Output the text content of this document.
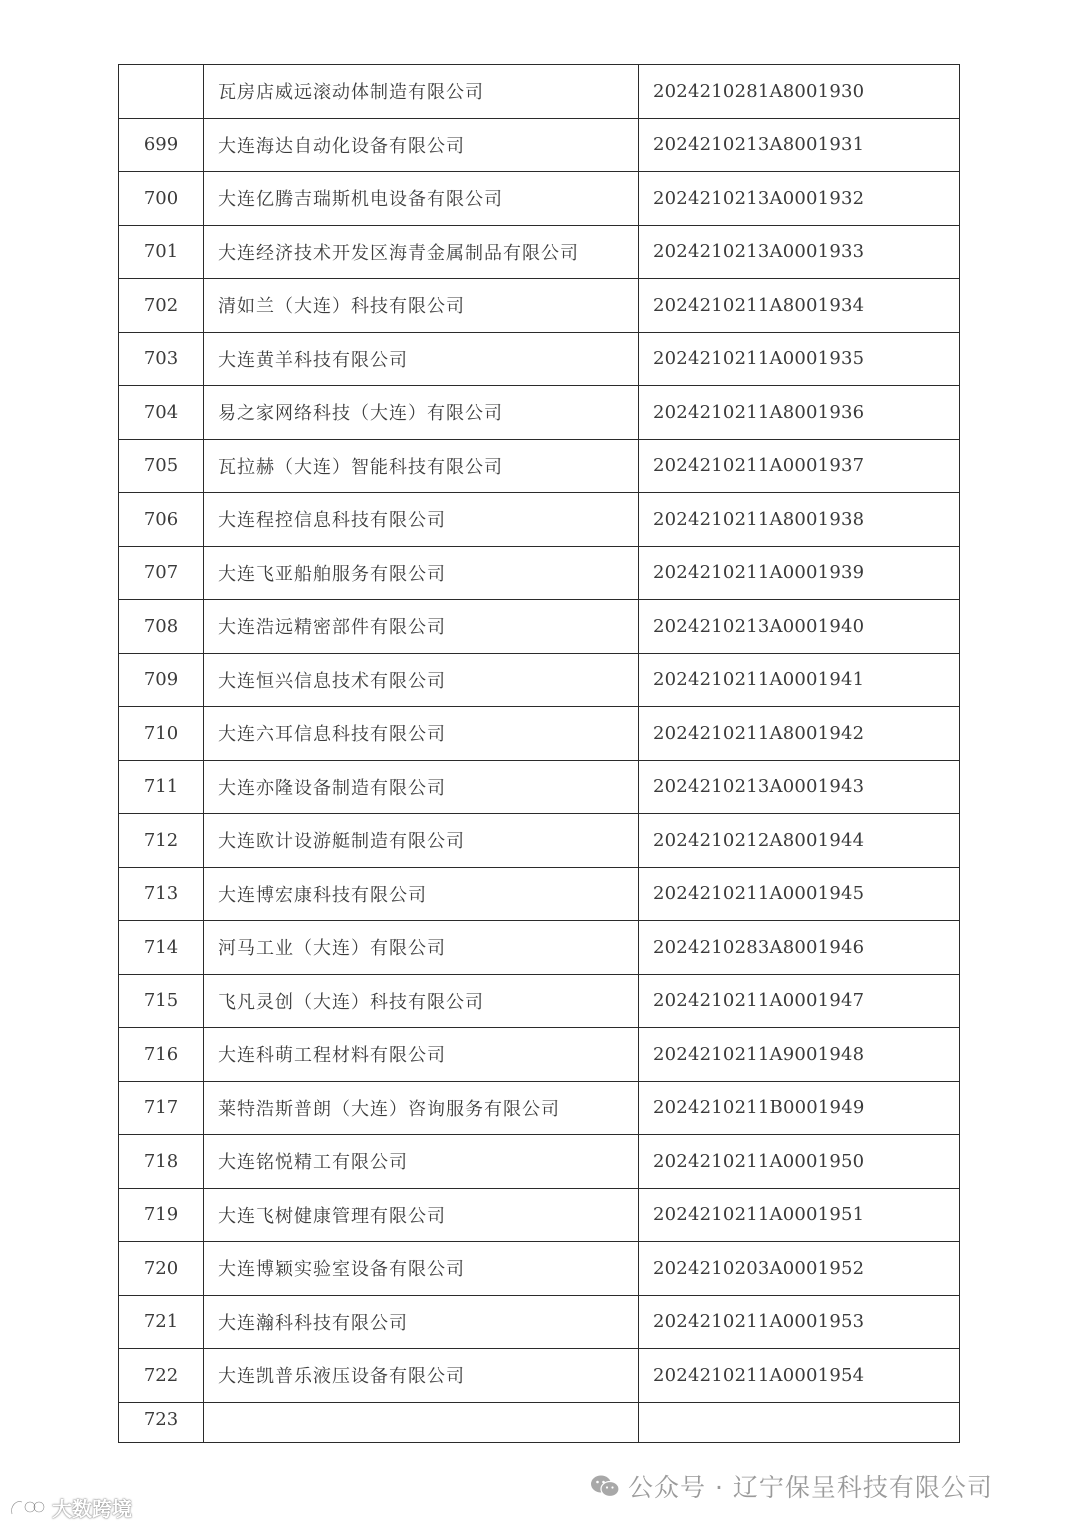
	瓦房店威远滚动体制造有限公司	2024210281A8001930
699	大连海达自动化设备有限公司	2024210213A8001931
700	大连亿腾吉瑞斯机电设备有限公司	2024210213A0001932
701	大连经济技术开发区海青金属制品有限公司	2024210213A0001933
702	清如兰（大连）科技有限公司	2024210211A8001934
703	大连黄羊科技有限公司	2024210211A0001935
704	易之家网络科技（大连）有限公司	2024210211A8001936
705	瓦拉赫（大连）智能科技有限公司	2024210211A0001937
706	大连程控信息科技有限公司	2024210211A8001938
707	大连飞亚船舶服务有限公司	2024210211A0001939
708	大连浩远精密部件有限公司	2024210213A0001940
709	大连恒兴信息技术有限公司	2024210211A0001941
710	大连六耳信息科技有限公司	2024210211A8001942
711	大连亦隆设备制造有限公司	2024210213A0001943
712	大连欧计设游艇制造有限公司	2024210212A8001944
713	大连博宏康科技有限公司	2024210211A0001945
714	河马工业（大连）有限公司	2024210283A8001946
715	飞凡灵创（大连）科技有限公司	2024210211A0001947
716	大连科萌工程材料有限公司	2024210211A9001948
717	莱特浩斯普朗（大连）咨询服务有限公司	2024210211B0001949
718	大连铭悦精工有限公司	2024210211A0001950
719	大连飞树健康管理有限公司	2024210211A0001951
720	大连博颖实验室设备有限公司	2024210203A0001952
721	大连瀚科科技有限公司	2024210211A0001953
722	大连凯普乐液压设备有限公司	2024210211A0001954
723		
公众号 · 辽宁保呈科技有限公司
大数跨境
